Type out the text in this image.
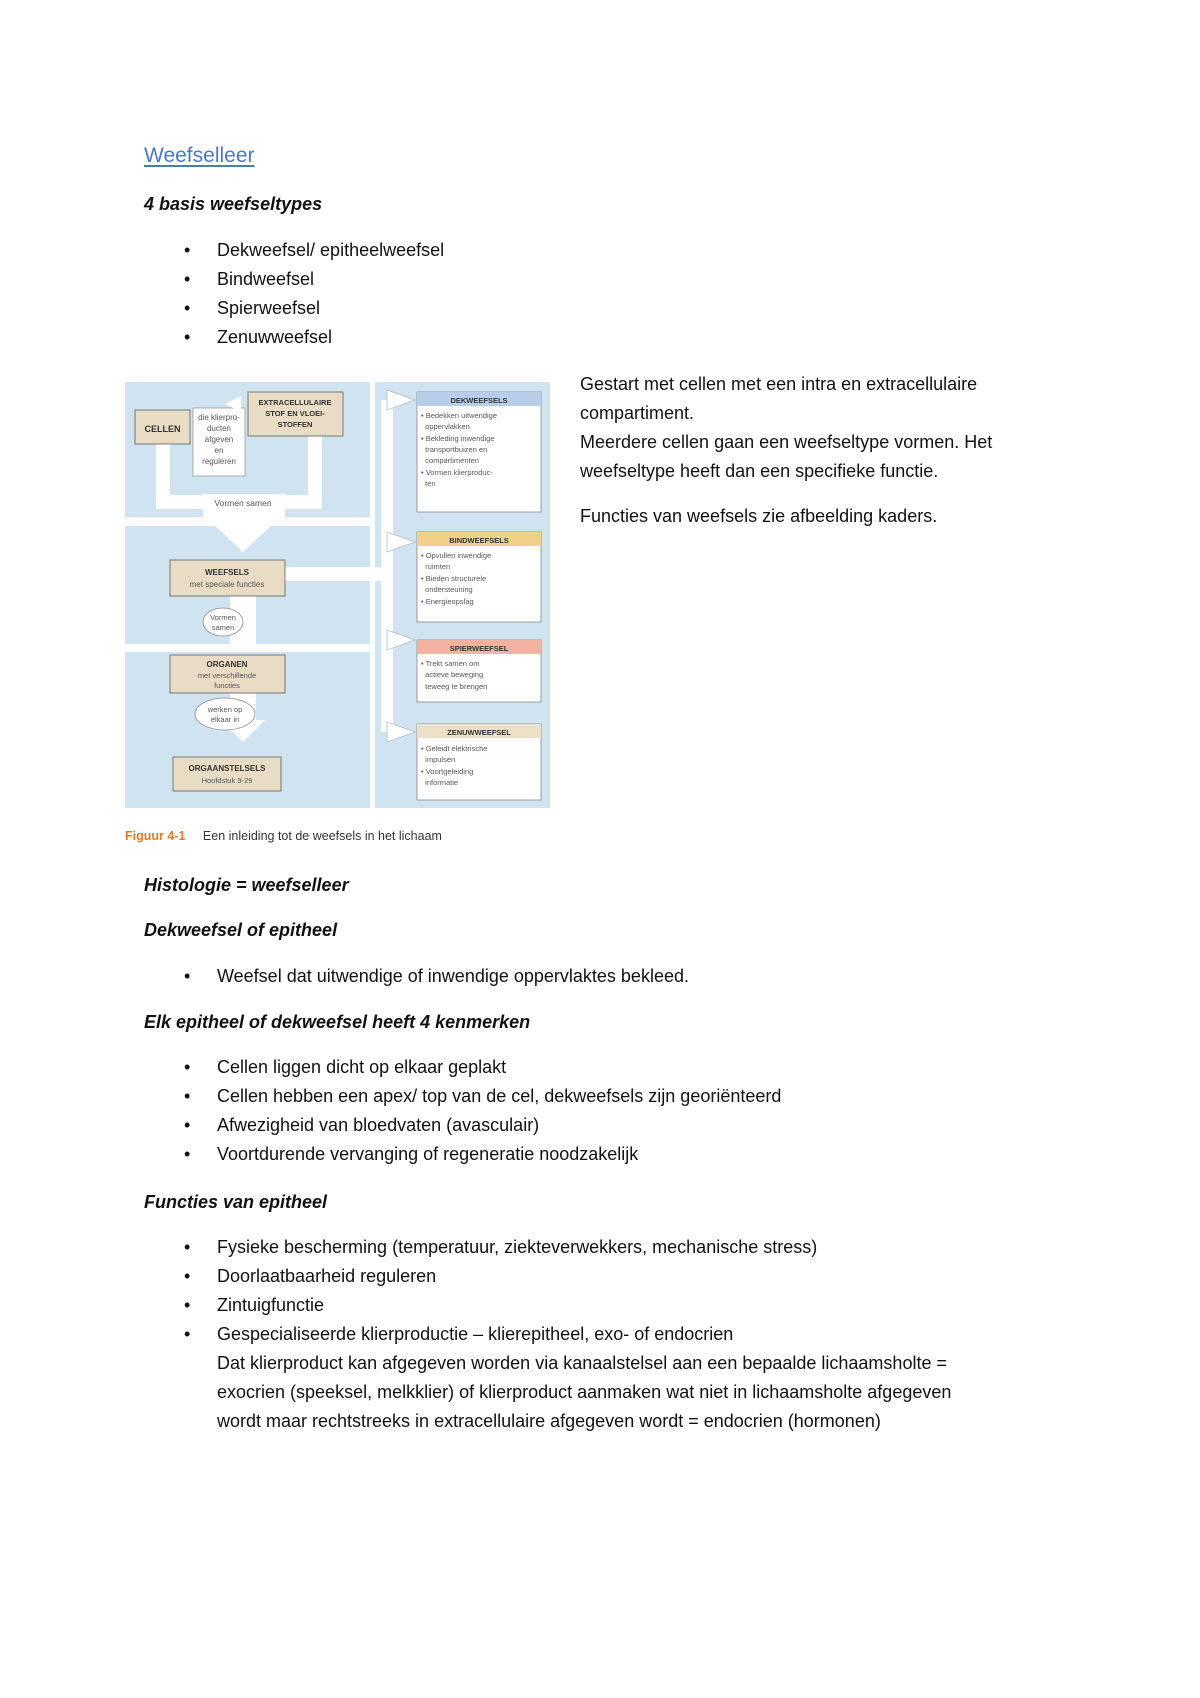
Weefselleer

4 basis weefseltypes

• Dekweefsel/ epitheelweefsel
• Bindweefsel
• Spierweefsel
• Zenuwweefsel
CELLEN
die klierpro-
ducten
afgeven
en
reguleren
EXTRACELLULAIRE
STOF EN VLOEI-
STOFFEN
Vormen samen
WEEFSELS
met speciale functies
Vormen
samen
ORGANEN
met verschillende
functies
werken op
elkaar in
ORGAANSTELSELS
Hoofdstuk 9-29
DEKWEEFSELS
• Bedekken uitwendige
oppervlakken
• Bekleding inwendige
transportbuizen en
compartimenten
• Vormen klierproduc-
ten
BINDWEEFSELS
• Opvullen inwendige
ruimten
• Bieden structurele
ondersteuning
• Energieopslag
SPIERWEEFSEL
• Trekt samen om
actieve beweging
teweeg te brengen
ZENUWWEEFSEL
• Geleidt elektrische
impulsen
• Voortgeleiding
informatie
Figuur 4-1 Een inleiding tot de weefsels in het lichaam

Gestart met cellen met een intra en extracellulaire compartiment.

Meerdere cellen gaan een weefseltype vormen. Het weefseltype heeft dan een specifieke functie.

Functies van weefsels zie afbeelding kaders.

Histologie = weefselleer

Dekweefsel of epitheel

• Weefsel dat uitwendige of inwendige oppervlaktes bekleed.

Elk epitheel of dekweefsel heeft 4 kenmerken

• Cellen liggen dicht op elkaar geplakt
• Cellen hebben een apex/ top van de cel, dekweefsels zijn georiënteerd
• Afwezigheid van bloedvaten (avasculair)
• Voortdurende vervanging of regeneratie noodzakelijk

Functies van epitheel

• Fysieke bescherming (temperatuur, ziekteverwekkers, mechanische stress)
• Doorlaatbaarheid reguleren
• Zintuigfunctie
• Gespecialiseerde klierproductie – klierepitheel, exo- of endocrien
Dat klierproduct kan afgegeven worden via kanaalstelsel aan een bepaalde lichaamsholte =
exocrien (speeksel, melkklier) of klierproduct aanmaken wat niet in lichaamsholte afgegeven
wordt maar rechtstreeks in extracellulaire afgegeven wordt = endocrien (hormonen)
